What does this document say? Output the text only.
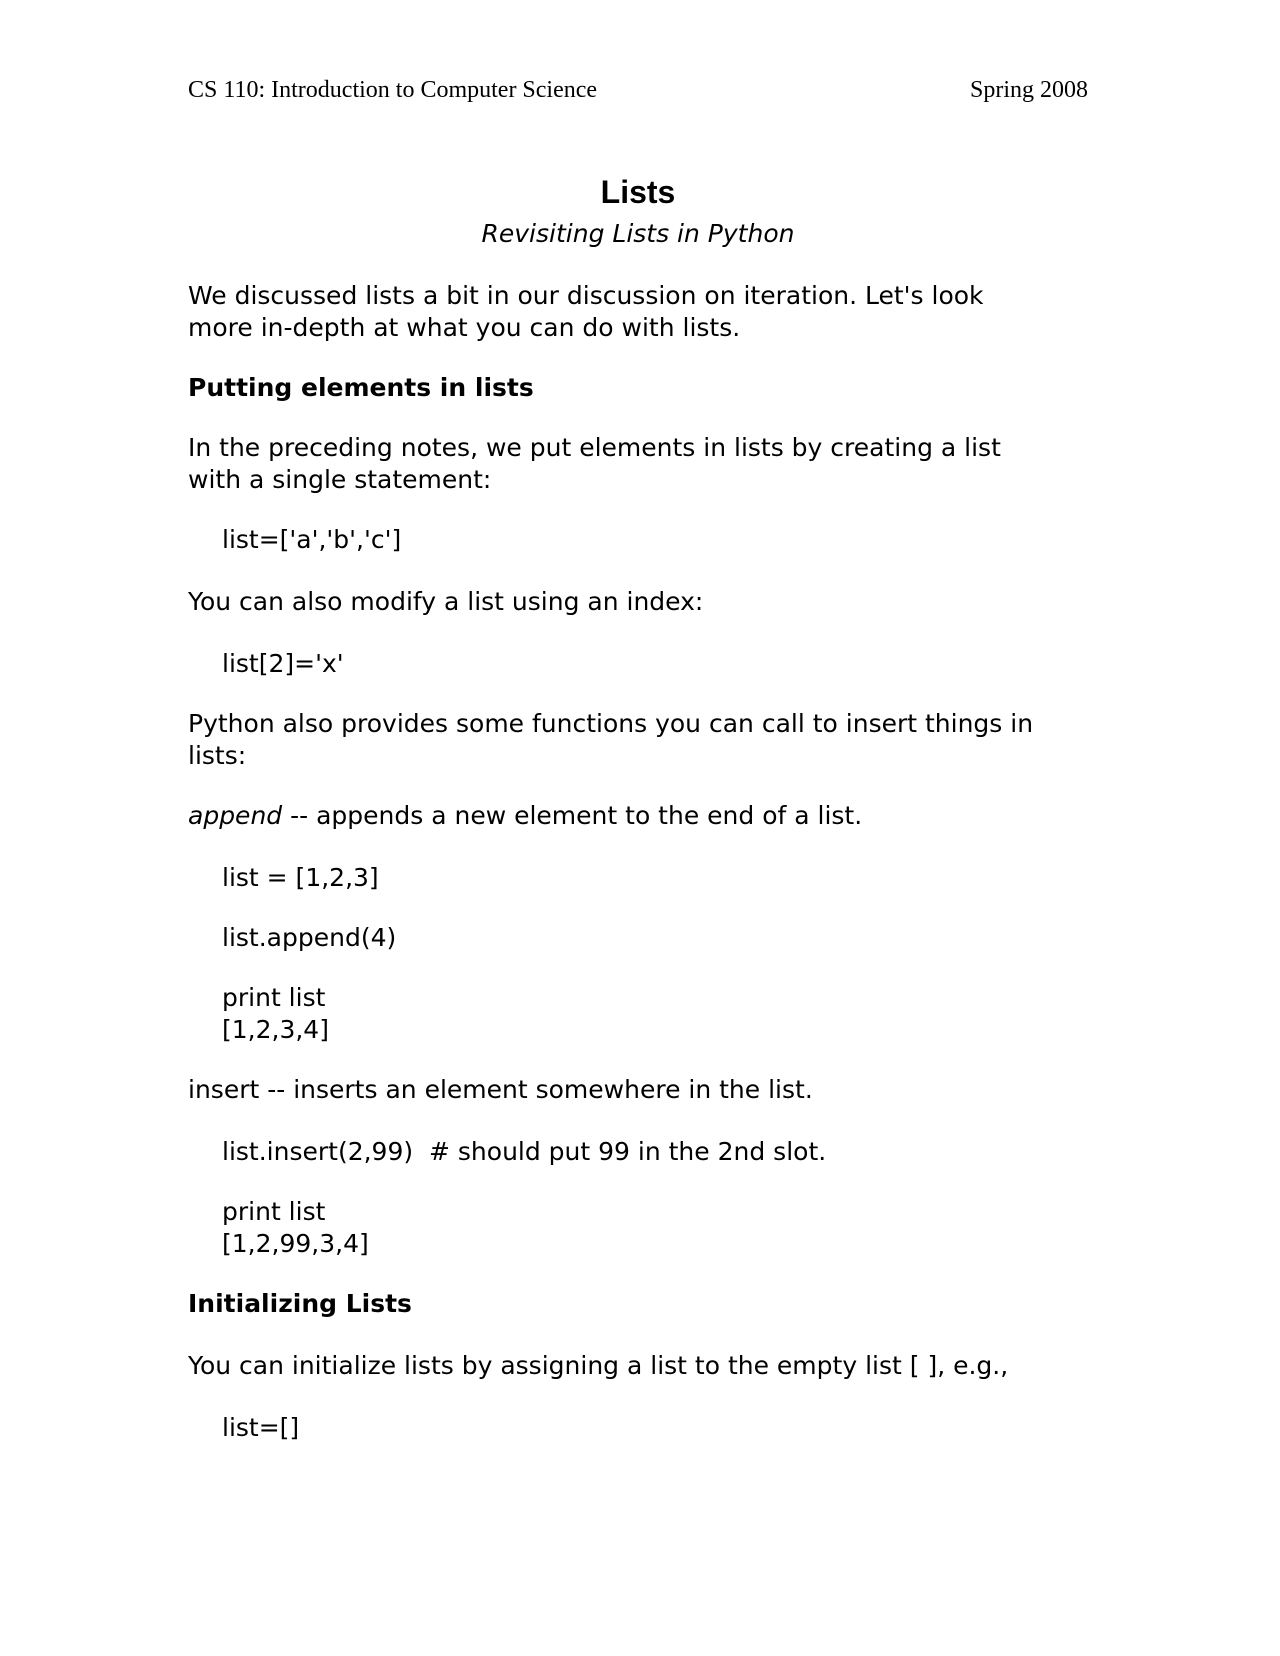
CS 110: Introduction to Computer Science	Spring 2008
Lists
Revisiting Lists in Python
We discussed lists a bit in our discussion on iteration. Let's look
more in-depth at what you can do with lists.
Putting elements in lists
In the preceding notes, we put elements in lists by creating a list
with a single statement:
list=['a','b','c']
You can also modify a list using an index:
list[2]='x'
Python also provides some functions you can call to insert things in
lists:
append -- appends a new element to the end of a list.
list = [1,2,3]
list.append(4)
print list
[1,2,3,4]
insert -- inserts an element somewhere in the list.
list.insert(2,99)  # should put 99 in the 2nd slot.
print list
[1,2,99,3,4]
Initializing Lists
You can initialize lists by assigning a list to the empty list [ ], e.g.,
list=[]
